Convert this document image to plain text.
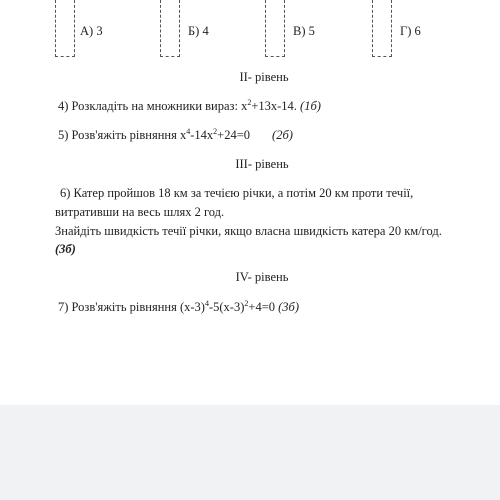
А) 3	Б) 4	В) 5	Г) 6
ІІ- рівень
4) Розкладіть на множники вираз: $x^2+13x-14$. (1б)
5) Розв'яжіть рівняння $x^4-14x^2+24=0$ (2б)
ІІІ- рівень
6) Катер пройшов 18 км за течією річки, а потім 20 км проти течії,
витративши на весь шлях 2 год.
Знайдіть швидкість течії річки, якщо власна швидкість катера 20 км/год.
(3б)
IV- рівень
7) Розв'яжіть рівняння $(x-3)^4-5(x-3)^2+4=0$ (3б)
